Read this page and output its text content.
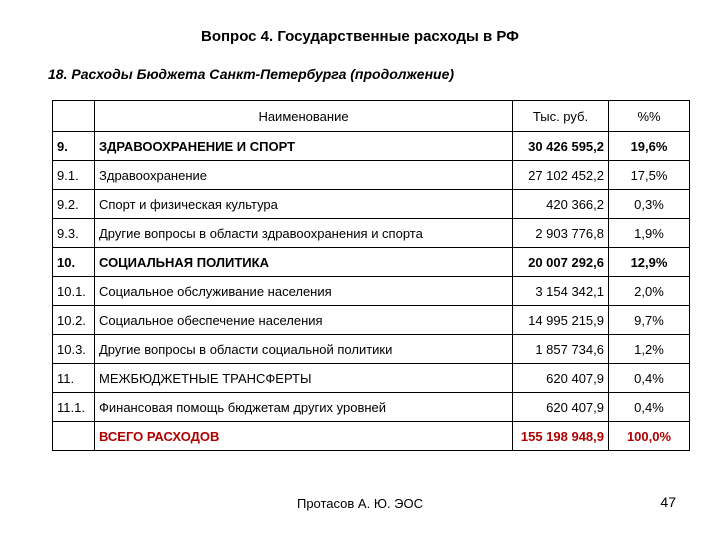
Вопрос 4. Государственные расходы в РФ
18. Расходы Бюджета Санкт-Петербурга (продолжение)
	Наименование	Тыс. руб.	%%
9.	ЗДРАВООХРАНЕНИЕ И СПОРТ	30 426 595,2	19,6%
9.1.	Здравоохранение	27 102 452,2	17,5%
9.2.	Спорт и физическая культура	420 366,2	0,3%
9.3.	Другие вопросы в области здравоохранения и спорта	2 903 776,8	1,9%
10.	СОЦИАЛЬНАЯ ПОЛИТИКА	20 007 292,6	12,9%
10.1.	Социальное обслуживание населения	3 154 342,1	2,0%
10.2.	Социальное обеспечение населения	14 995 215,9	9,7%
10.3.	Другие вопросы в области социальной политики	1 857 734,6	1,2%
11.	МЕЖБЮДЖЕТНЫЕ ТРАНСФЕРТЫ	620 407,9	0,4%
11.1.	Финансовая помощь бюджетам других уровней	620 407,9	0,4%
	ВСЕГО РАСХОДОВ	155 198 948,9	100,0%
Протасов А. Ю. ЭОС	47
